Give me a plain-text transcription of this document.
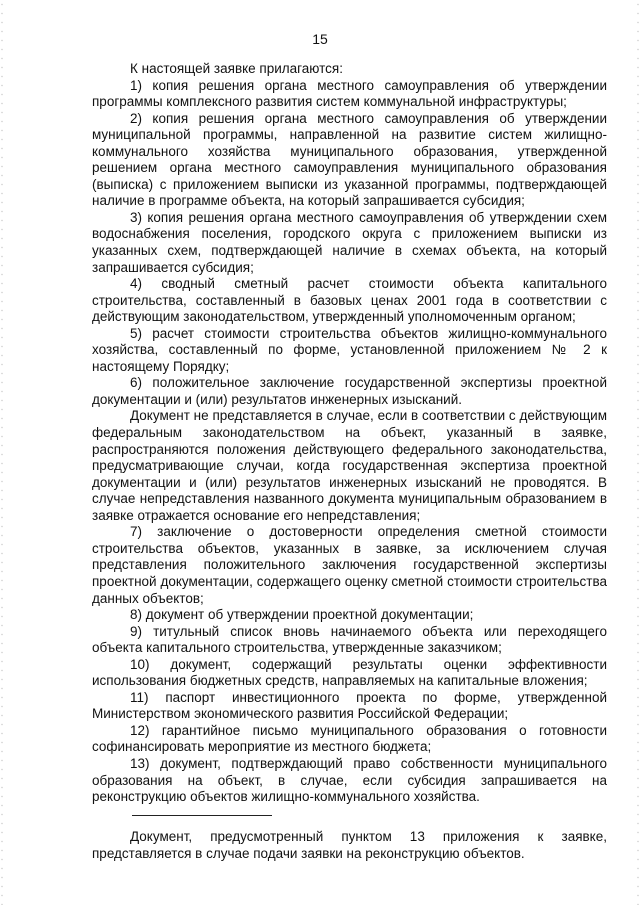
15

К настоящей заявке прилагаются:

1) копия решения органа местного самоуправления об утверждении программы комплексного развития систем коммунальной инфраструктуры;

2) копия решения органа местного самоуправления об утверждении муниципальной программы, направленной на развитие систем жилищно-коммунального хозяйства муниципального образования, утвержденной решением органа местного самоуправления муниципального образования (выписка) с приложением выписки из указанной программы, подтверждающей наличие в программе объекта, на который запрашивается субсидия;

3) копия решения органа местного самоуправления об утверждении схем водоснабжения поселения, городского округа с приложением выписки из указанных схем, подтверждающей наличие в схемах объекта, на который запрашивается субсидия;

4) сводный сметный расчет стоимости объекта капитального строительства, составленный в базовых ценах 2001 года в соответствии с действующим законодательством, утвержденный уполномоченным органом;

5) расчет стоимости строительства объектов жилищно-коммунального хозяйства, составленный по форме, установленной приложением № 2 к настоящему Порядку;

6) положительное заключение государственной экспертизы проектной документации и (или) результатов инженерных изысканий.

Документ не представляется в случае, если в соответствии с действующим федеральным законодательством на объект, указанный в заявке, распространяются положения действующего федерального законодательства, предусматривающие случаи, когда государственная экспертиза проектной документации и (или) результатов инженерных изысканий не проводятся. В случае непредставления названного документа муниципальным образованием в заявке отражается основание его непредставления;

7) заключение о достоверности определения сметной стоимости строительства объектов, указанных в заявке, за исключением случая представления положительного заключения государственной экспертизы проектной документации, содержащего оценку сметной стоимости строительства данных объектов;

8) документ об утверждении проектной документации;

9) титульный список вновь начинаемого объекта или переходящего объекта капитального строительства, утвержденные заказчиком;

10) документ, содержащий результаты оценки эффективности использования бюджетных средств, направляемых на капитальные вложения;

11) паспорт инвестиционного проекта по форме, утвержденной Министерством экономического развития Российской Федерации;

12) гарантийное письмо муниципального образования о готовности софинансировать мероприятие из местного бюджета;

13) документ, подтверждающий право собственности муниципального образования на объект, в случае, если субсидия запрашивается на реконструкцию объектов жилищно-коммунального хозяйства.

Документ, предусмотренный пунктом 13 приложения к заявке, представляется в случае подачи заявки на реконструкцию объектов.
